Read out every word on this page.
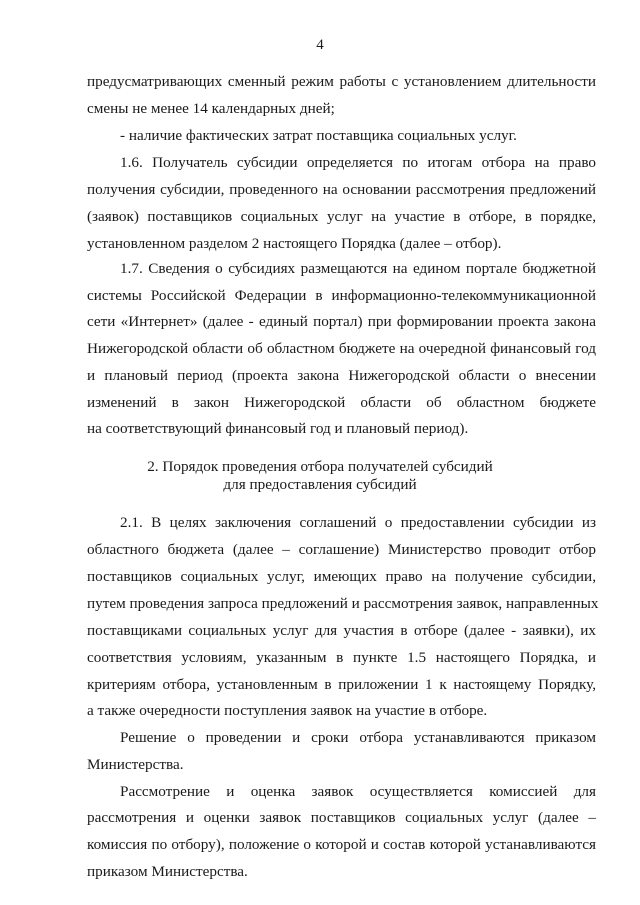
4
предусматривающих сменный режим работы с установлением длительности
смены не менее 14 календарных дней;
- наличие фактических затрат поставщика социальных услуг.
1.6. Получатель субсидии определяется по итогам отбора на право
получения субсидии, проведенного на основании рассмотрения предложений
(заявок) поставщиков социальных услуг на участие в отборе, в порядке,
установленном разделом 2 настоящего Порядка (далее – отбор).
1.7. Сведения о субсидиях размещаются на едином портале бюджетной
системы Российской Федерации в информационно-телекоммуникационной
сети «Интернет» (далее - единый портал) при формировании проекта закона
Нижегородской области об областном бюджете на очередной финансовый год
и плановый период (проекта закона Нижегородской области о внесении
изменений в закон Нижегородской области об областном бюджете
на соответствующий финансовый год и плановый период).
2. Порядок проведения отбора получателей субсидий
для предоставления субсидий
2.1. В целях заключения соглашений о предоставлении субсидии из
областного бюджета (далее – соглашение) Министерство проводит отбор
поставщиков социальных услуг, имеющих право на получение субсидии,
путем проведения запроса предложений и рассмотрения заявок, направленных
поставщиками социальных услуг для участия в отборе (далее - заявки), их
соответствия условиям, указанным в пункте 1.5 настоящего Порядка, и
критериям отбора, установленным в приложении 1 к настоящему Порядку,
а также очередности поступления заявок на участие в отборе.
Решение о проведении и сроки отбора устанавливаются приказом
Министерства.
Рассмотрение и оценка заявок осуществляется комиссией для
рассмотрения и оценки заявок поставщиков социальных услуг (далее –
комиссия по отбору), положение о которой и состав которой устанавливаются
приказом Министерства.
